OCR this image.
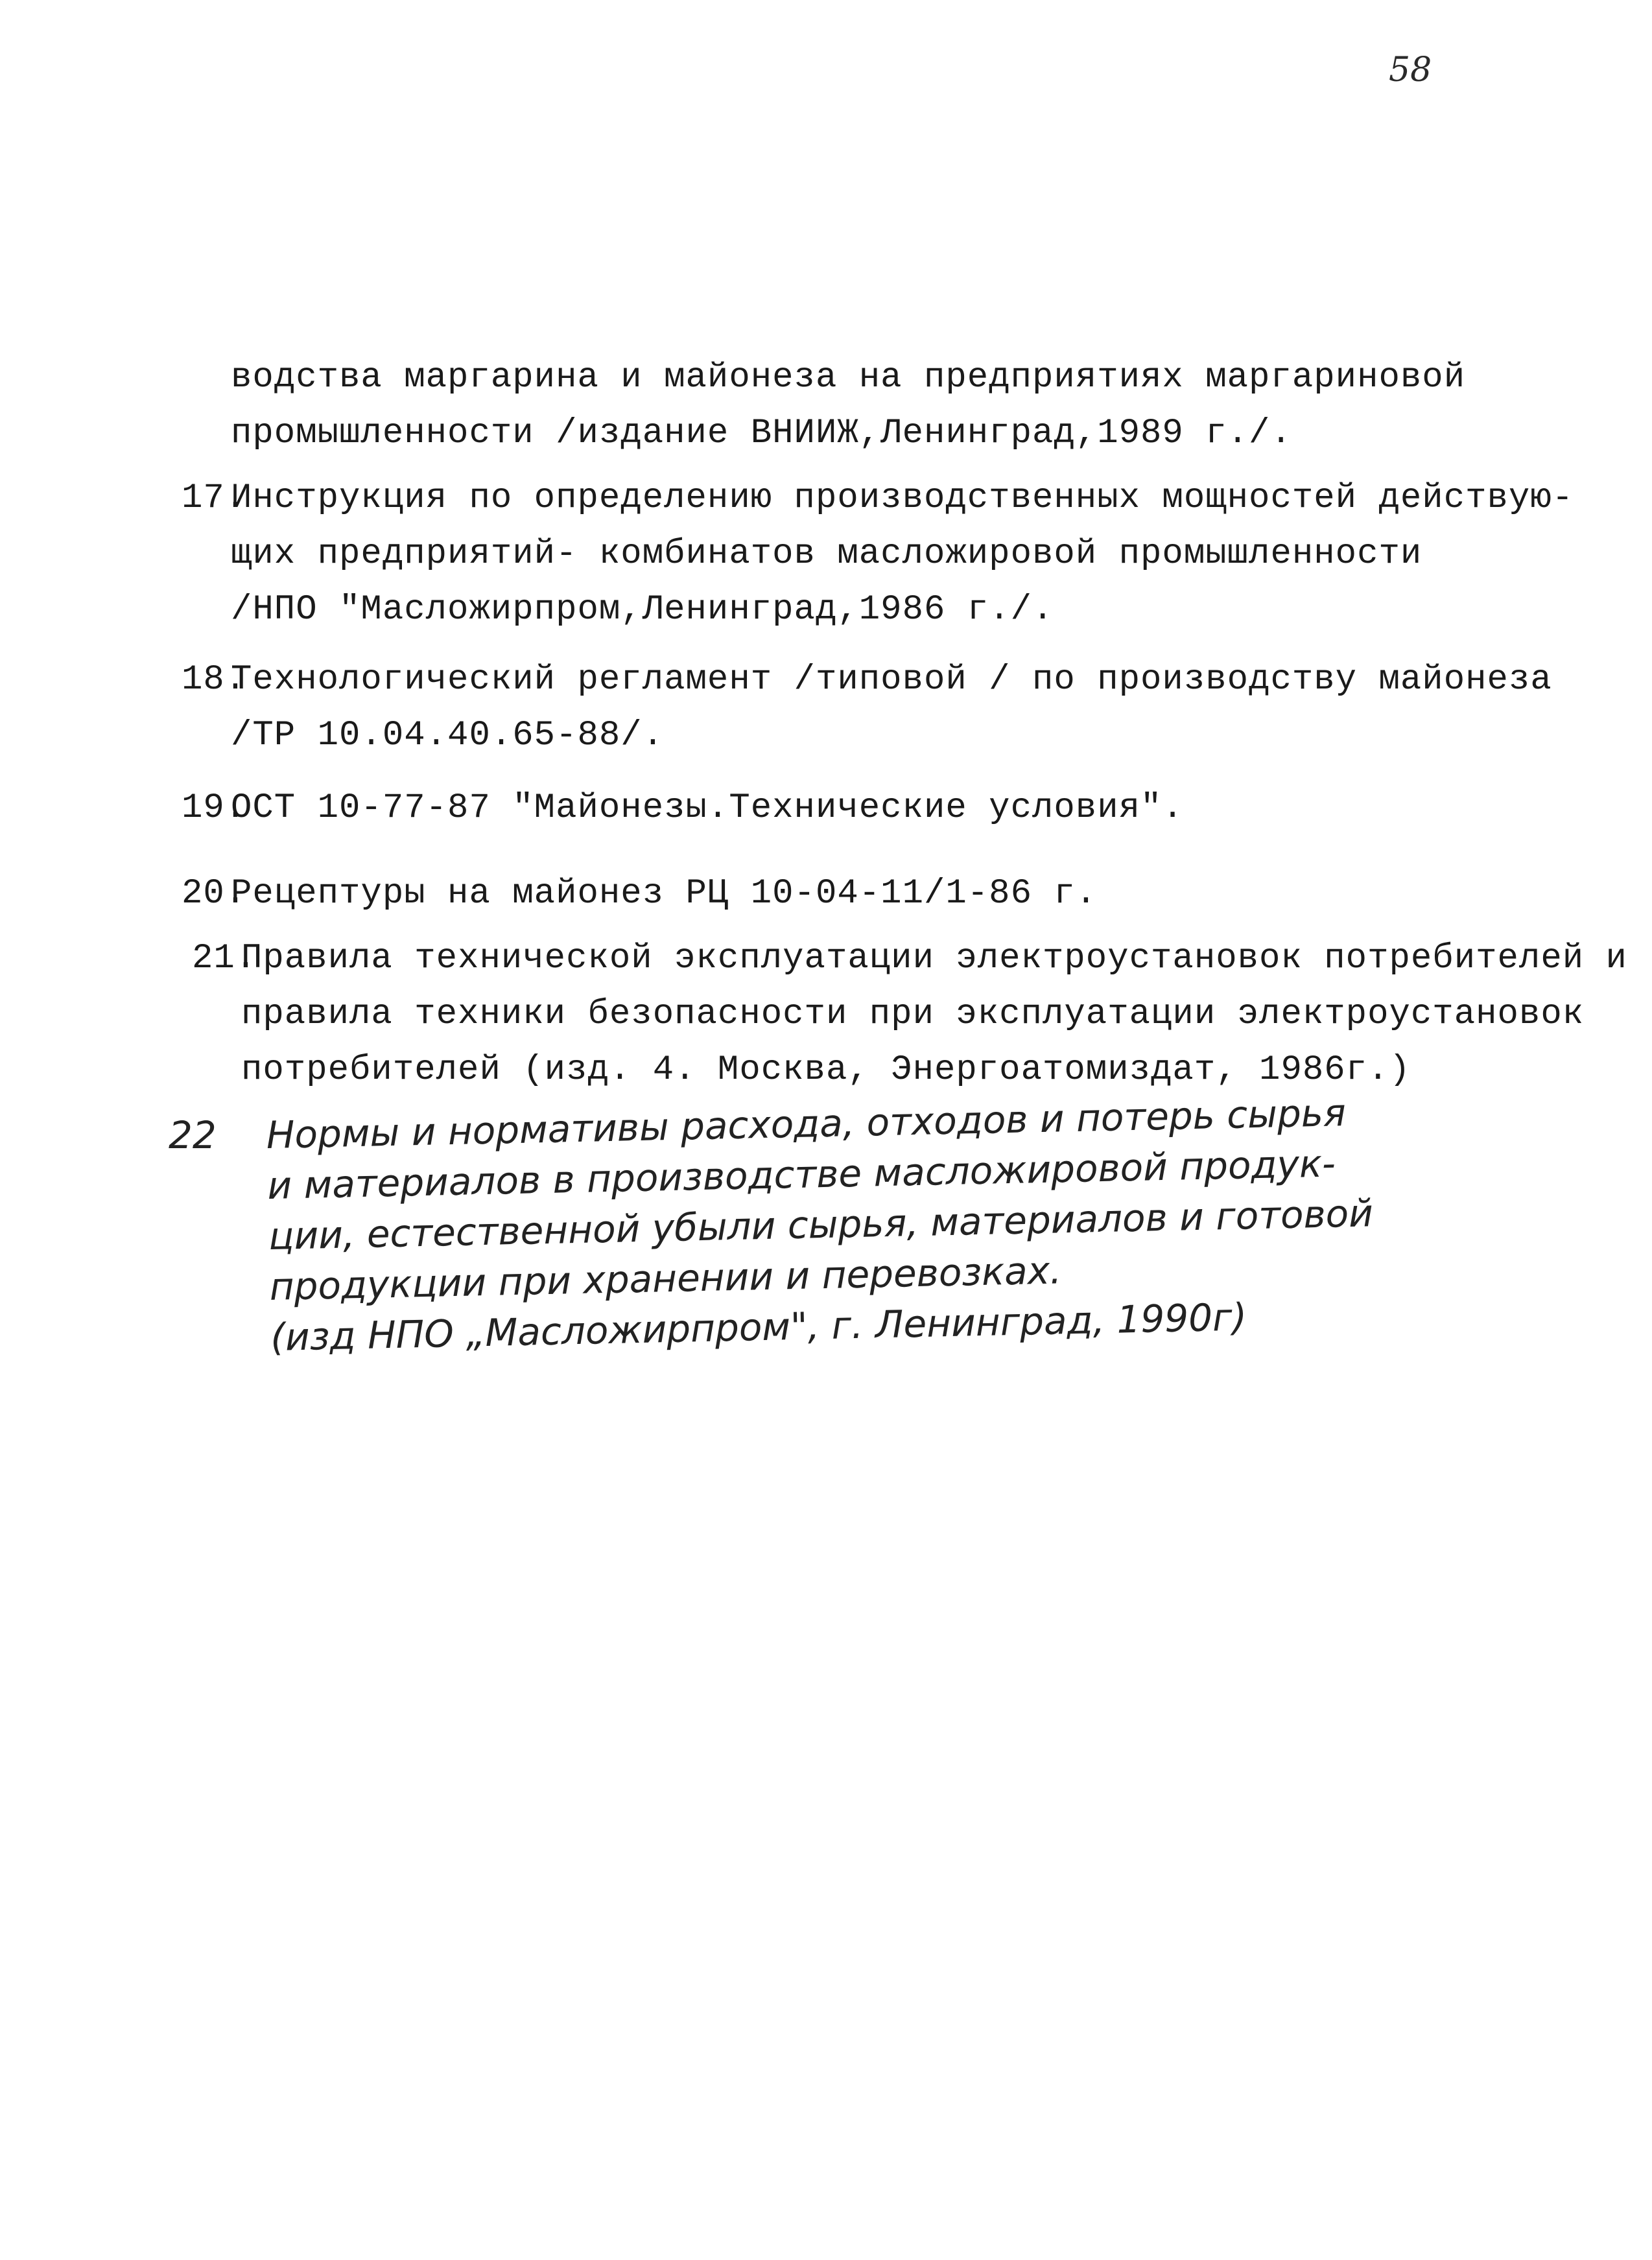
58
водства маргарина и майонеза на предприятиях маргариновой
промышленности /издание ВНИИЖ,Ленинград,1989 г./.
17.
Инструкция по определению производственных мощностей действую-
щих предприятий- комбинатов масложировой промышленности
/НПО "Масложирпром,Ленинград,1986 г./.
18.
Технологический регламент /типовой / по производству майонеза
/ТР 10.04.40.65-88/.
19.
ОСТ 10-77-87 "Майонезы.Технические условия".
20.
Рецептуры на майонез РЦ 10-04-11/1-86 г.
21.
Правила технической эксплуатации электроустановок потребителей и
правила техники безопасности при эксплуатации электроустановок
потребителей (изд. 4. Москва, Энергоатомиздат, 1986г.)
22 Нормы и нормативы расхода, отходов и потерь сырья
и материалов в производстве масложировой продук-
ции, естественной убыли сырья, материалов и готовой
продукции при хранении и перевозках.
(изд НПО „Масложирпром", г. Ленинград, 1990г)
